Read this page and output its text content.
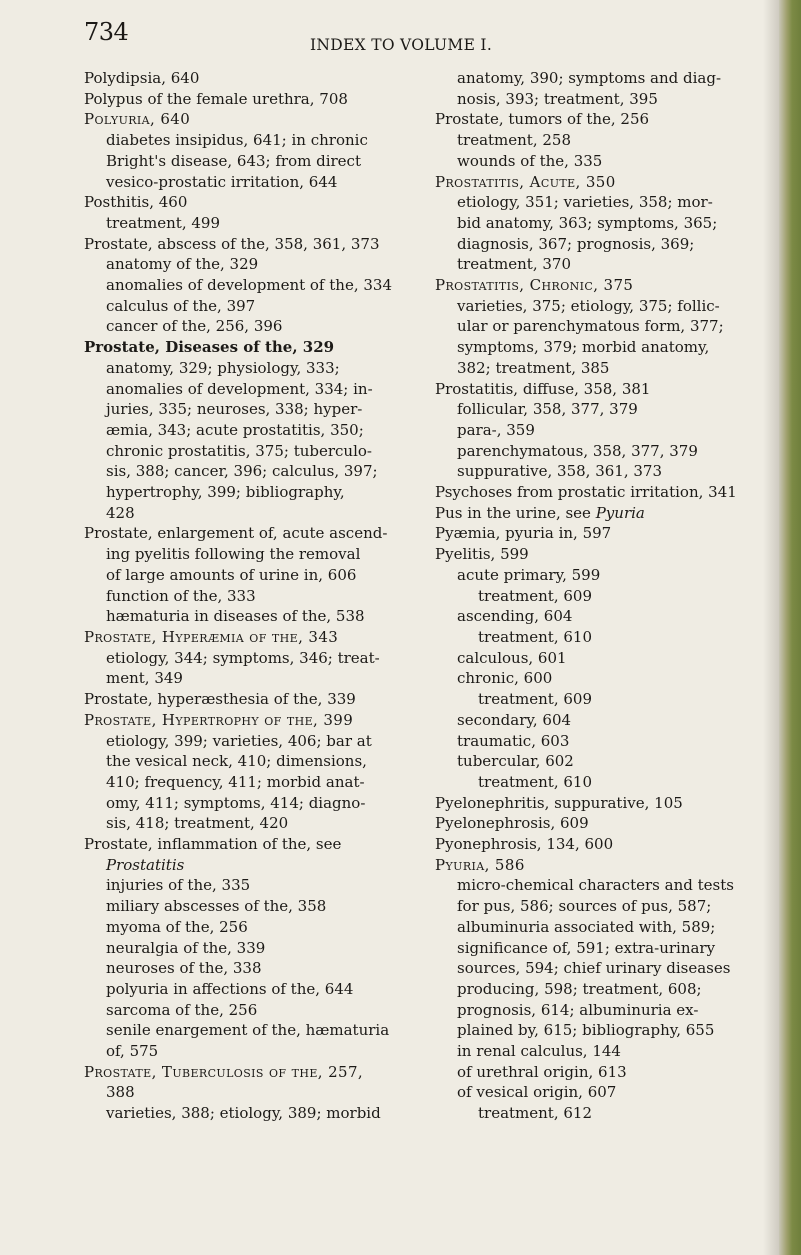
734	INDEX TO VOLUME I.
Polydipsia, 640
Polypus of the female urethra, 708
Polyuria, 640
diabetes insipidus, 641; in chronic
Bright's disease, 643; from direct
vesico-prostatic irritation, 644
Posthitis, 460
treatment, 499
Prostate, abscess of the, 358, 361, 373
anatomy of the, 329
anomalies of development of the, 334
calculus of the, 397
cancer of the, 256, 396
Prostate, Diseases of the, 329
anatomy, 329; physiology, 333;
anomalies of development, 334; in-
juries, 335; neuroses, 338; hyper-
æmia, 343; acute prostatitis, 350;
chronic prostatitis, 375; tuberculo-
sis, 388; cancer, 396; calculus, 397;
hypertrophy, 399; bibliography,
428
Prostate, enlargement of, acute ascend-
ing pyelitis following the removal
of large amounts of urine in, 606
function of the, 333
hæmaturia in diseases of the, 538
Prostate, Hyperæmia of the, 343
etiology, 344; symptoms, 346; treat-
ment, 349
Prostate, hyperæsthesia of the, 339
Prostate, Hypertrophy of the, 399
etiology, 399; varieties, 406; bar at
the vesical neck, 410; dimensions,
410; frequency, 411; morbid anat-
omy, 411; symptoms, 414; diagno-
sis, 418; treatment, 420
Prostate, inflammation of the, see
Prostatitis
injuries of the, 335
miliary abscesses of the, 358
myoma of the, 256
neuralgia of the, 339
neuroses of the, 338
polyuria in affections of the, 644
sarcoma of the, 256
senile enargement of the, hæmaturia
of, 575
Prostate, Tuberculosis of the, 257,
388
varieties, 388; etiology, 389; morbid
anatomy, 390; symptoms and diag-
nosis, 393; treatment, 395
Prostate, tumors of the, 256
treatment, 258
wounds of the, 335
Prostatitis, Acute, 350
etiology, 351; varieties, 358; mor-
bid anatomy, 363; symptoms, 365;
diagnosis, 367; prognosis, 369;
treatment, 370
Prostatitis, Chronic, 375
varieties, 375; etiology, 375; follic-
ular or parenchymatous form, 377;
symptoms, 379; morbid anatomy,
382; treatment, 385
Prostatitis, diffuse, 358, 381
follicular, 358, 377, 379
para-, 359
parenchymatous, 358, 377, 379
suppurative, 358, 361, 373
Psychoses from prostatic irritation, 341
Pus in the urine, see Pyuria
Pyæmia, pyuria in, 597
Pyelitis, 599
acute primary, 599
treatment, 609
ascending, 604
treatment, 610
calculous, 601
chronic, 600
treatment, 609
secondary, 604
traumatic, 603
tubercular, 602
treatment, 610
Pyelonephritis, suppurative, 105
Pyelonephrosis, 609
Pyonephrosis, 134, 600
Pyuria, 586
micro-chemical characters and tests
for pus, 586; sources of pus, 587;
albuminuria associated with, 589;
significance of, 591; extra-urinary
sources, 594; chief urinary diseases
producing, 598; treatment, 608;
prognosis, 614; albuminuria ex-
plained by, 615; bibliography, 655
in renal calculus, 144
of urethral origin, 613
of vesical origin, 607
treatment, 612
